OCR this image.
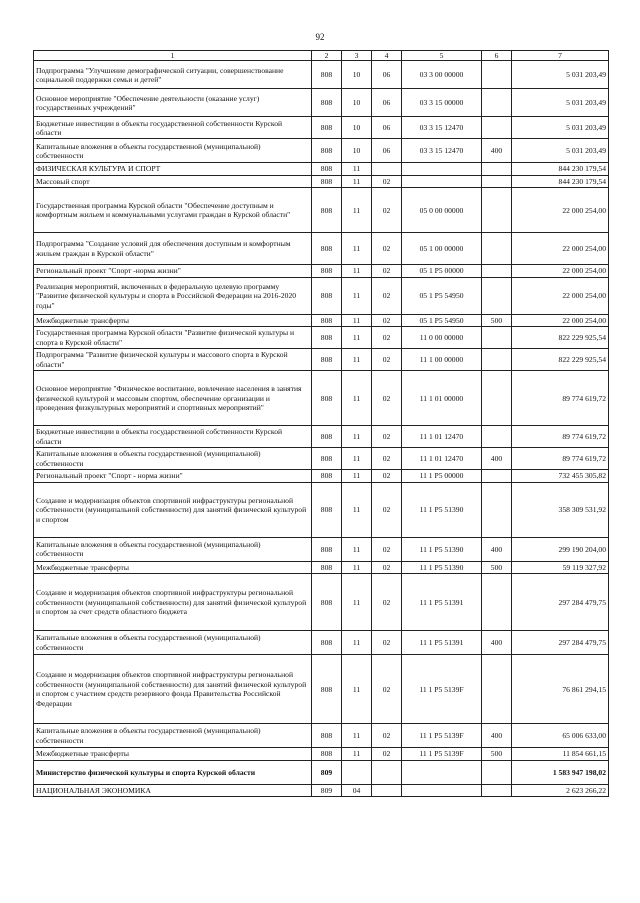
92
1	2	3	4	5	6	7
Подпрограмма "Улучшение демографической ситуации, совершенствование социальной поддержки семьи и детей"	808	10	06	03 3 00 00000		5 031 203,49
Основное мероприятие "Обеспечение деятельности (оказание услуг) государственных учреждений"	808	10	06	03 3 15 00000		5 031 203,49
Бюджетные инвестиции в объекты государственной собственности Курской области	808	10	06	03 3 15 12470		5 031 203,49
Капитальные вложения в объекты государственной (муниципальной) собственности	808	10	06	03 3 15 12470	400	5 031 203,49
ФИЗИЧЕСКАЯ КУЛЬТУРА И СПОРТ	808	11				844 230 179,54
Массовый спорт	808	11	02			844 230 179,54
Государственная программа Курской области "Обеспечение доступным и комфортным жильем и коммунальными услугами граждан в Курской области"	808	11	02	05 0 00 00000		22 000 254,00
Подпрограмма "Создание условий для обеспечения доступным и комфортным жильем граждан в Курской области"	808	11	02	05 1 00 00000		22 000 254,00
Региональный проект "Спорт -норма жизни"	808	11	02	05 1 P5 00000		22 000 254,00
Реализация мероприятий, включенных в федеральную целевую программу "Развитие физической культуры и спорта в Российской Федерации на 2016-2020 годы"	808	11	02	05 1 P5 54950		22 000 254,00
Межбюджетные трансферты	808	11	02	05 1 P5 54950	500	22 000 254,00
Государственная программа Курской области "Развитие физической культуры и спорта в Курской области"	808	11	02	11 0 00 00000		822 229 925,54
Подпрограмма "Развитие физической культуры и массового спорта в Курской области"	808	11	02	11 1 00 00000		822 229 925,54
Основное мероприятие "Физическое воспитание, вовлечение населения в занятия физической культурой и массовым спортом, обеспечение организации и проведения физкультурных мероприятий и спортивных мероприятий"	808	11	02	11 1 01 00000		89 774 619,72
Бюджетные инвестиции в объекты государственной собственности Курской области	808	11	02	11 1 01 12470		89 774 619,72
Капитальные вложения в объекты государственной (муниципальной) собственности	808	11	02	11 1 01 12470	400	89 774 619,72
Региональный проект "Спорт - норма жизни"	808	11	02	11 1 P5 00000		732 455 305,82
Создание и модернизация объектов спортивной инфраструктуры региональной собственности (муниципальной собственности) для занятий физической культурой и спортом	808	11	02	11 1 P5 51390		358 309 531,92
Капитальные вложения в объекты государственной (муниципальной) собственности	808	11	02	11 1 P5 51390	400	299 190 204,00
Межбюджетные трансферты	808	11	02	11 1 P5 51390	500	59 119 327,92
Создание и модернизация объектов спортивной инфраструктуры региональной собственности (муниципальной собственности) для занятий физической культурой и спортом за счет средств областного бюджета	808	11	02	11 1 P5 51391		297 284 479,75
Капитальные вложения в объекты государственной (муниципальной) собственности	808	11	02	11 1 P5 51391	400	297 284 479,75
Создание и модернизация объектов спортивной инфраструктуры региональной собственности (муниципальной собственности) для занятий физической культурой и спортом с участием средств резервного фонда Правительства Российской Федерации	808	11	02	11 1 P5 5139F		76 861 294,15
Капитальные вложения в объекты государственной (муниципальной) собственности	808	11	02	11 1 P5 5139F	400	65 006 633,00
Межбюджетные трансферты	808	11	02	11 1 P5 5139F	500	11 854 661,15
Министерство физической культуры и спорта Курской области	809					1 583 947 198,02
НАЦИОНАЛЬНАЯ ЭКОНОМИКА	809	04				2 623 266,22
